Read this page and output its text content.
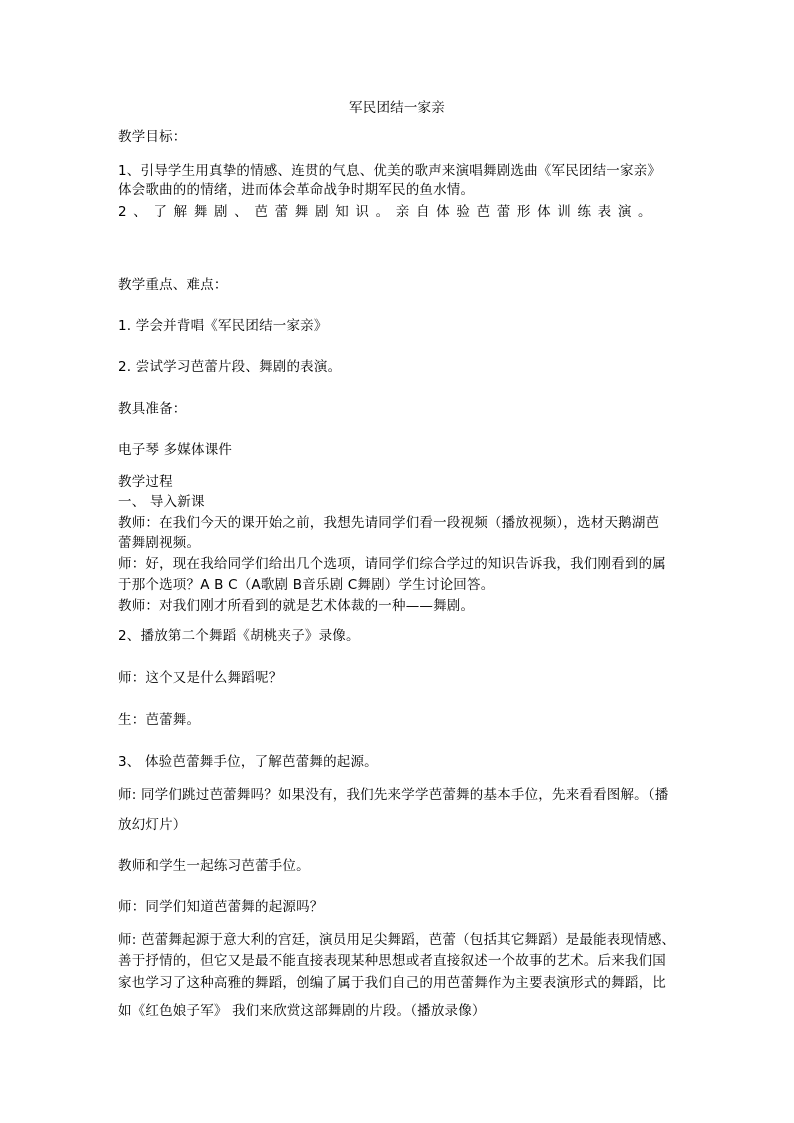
军民团结一家亲
教学目标：
1、引导学生用真挚的情感、连贯的气息、优美的歌声来演唱舞剧选曲《军民团结一家亲》
体会歌曲的的情绪，进而体会革命战争时期军民的鱼水情。
2 、 了 解 舞 剧 、 芭 蕾 舞 剧 知 识 。 亲 自 体 验 芭 蕾 形 体 训 练 表 演 。
教学重点、难点：
1. 学会并背唱《军民团结一家亲》
2. 尝试学习芭蕾片段、舞剧的表演。
教具准备：
电子琴 多媒体课件
教学过程
一、 导入新课
教师：在我们今天的课开始之前，我想先请同学们看一段视频（播放视频），选材天鹅湖芭
蕾舞剧视频。
师：好，现在我给同学们给出几个选项，请同学们综合学过的知识告诉我，我们刚看到的属
于那个选项？A B C（A歌剧 B音乐剧 C舞剧）学生讨论回答。
教师：对我们刚才所看到的就是艺术体裁的一种——舞剧。
2、播放第二个舞蹈《胡桃夹子》录像。
师：这个又是什么舞蹈呢？
生：芭蕾舞。
3、 体验芭蕾舞手位，了解芭蕾舞的起源。
师: 同学们跳过芭蕾舞吗？如果没有，我们先来学学芭蕾舞的基本手位，先来看看图解。（播
放幻灯片）
教师和学生一起练习芭蕾手位。
师：同学们知道芭蕾舞的起源吗？
师: 芭蕾舞起源于意大利的宫廷，演员用足尖舞蹈，芭蕾（包括其它舞蹈）是最能表现情感、
善于抒情的，但它又是最不能直接表现某种思想或者直接叙述一个故事的艺术。后来我们国
家也学习了这种高雅的舞蹈，创编了属于我们自己的用芭蕾舞作为主要表演形式的舞蹈，比
如《红色娘子军》 我们来欣赏这部舞剧的片段。（播放录像）
